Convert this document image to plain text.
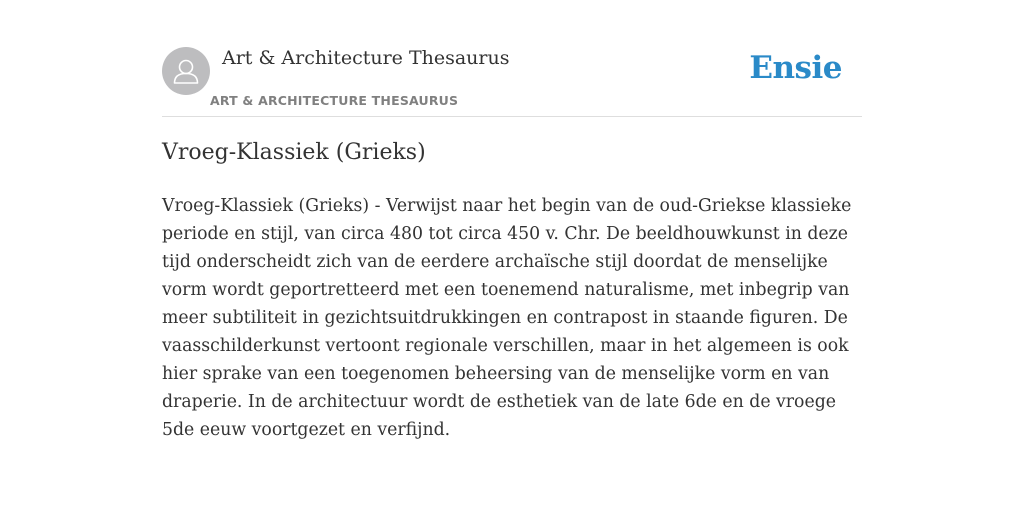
Art & Architecture Thesaurus
ART & ARCHITECTURE THESAURUS
Ensie
Vroeg-Klassiek (Grieks)

Vroeg-Klassiek (Grieks) - Verwijst naar het begin van de oud-Griekse klassieke periode en stijl, van circa 480 tot circa 450 v. Chr. De beeldhouwkunst in deze tijd onderscheidt zich van de eerdere archaïsche stijl doordat de menselijke vorm wordt geportretteerd met een toenemend naturalisme, met inbegrip van meer subtiliteit in gezichtsuitdrukkingen en contrapost in staande figuren. De vaasschilderkunst vertoont regionale verschillen, maar in het algemeen is ook hier sprake van een toegenomen beheersing van de menselijke vorm en van draperie. In de architectuur wordt de esthetiek van de late 6de en de vroege 5de eeuw voortgezet en verfijnd.
